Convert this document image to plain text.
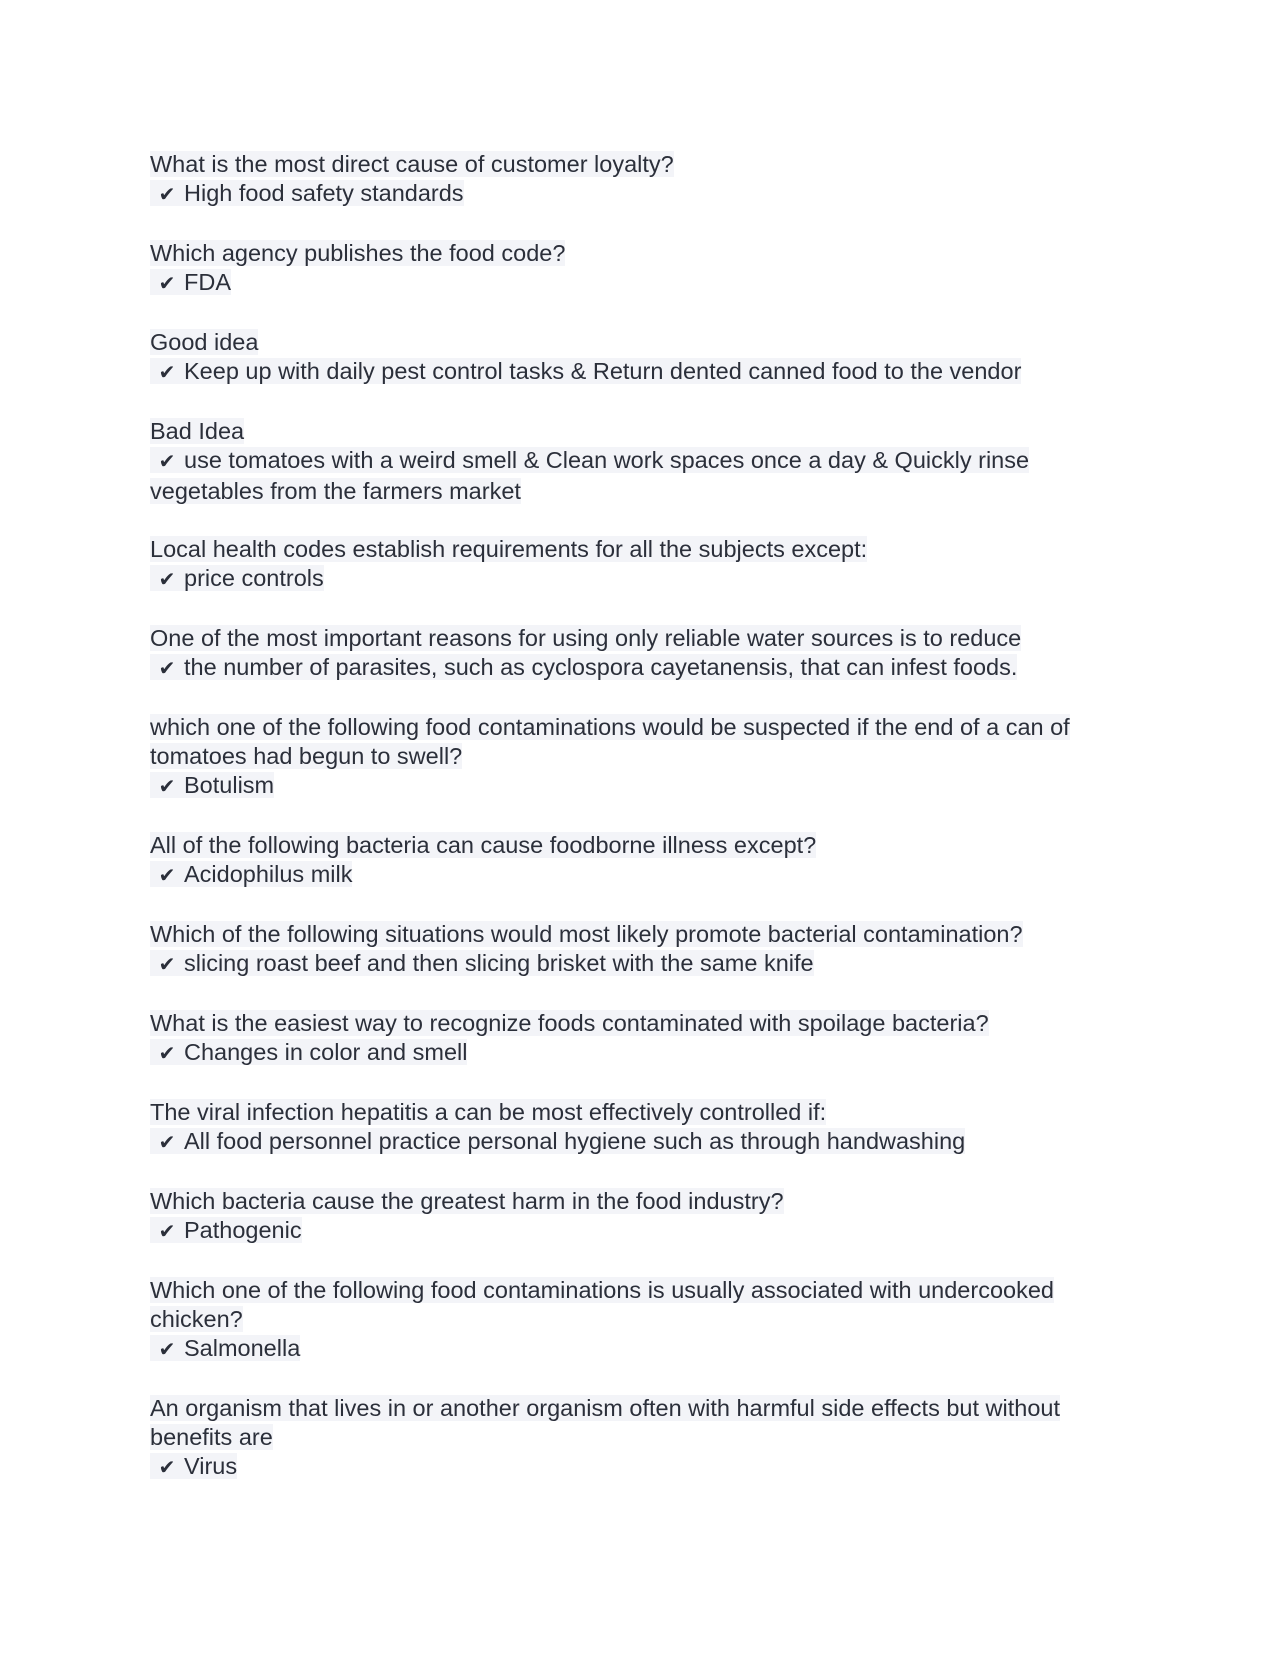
What is the most direct cause of customer loyalty?
✔ High food safety standards
Which agency publishes the food code?
✔ FDA
Good idea
✔ Keep up with daily pest control tasks & Return dented canned food to the vendor
Bad Idea
✔ use tomatoes with a weird smell & Clean work spaces once a day & Quickly rinse vegetables from the farmers market
Local health codes establish requirements for all the subjects except:
✔ price controls
One of the most important reasons for using only reliable water sources is to reduce
✔ the number of parasites, such as cyclospora cayetanensis, that can infest foods.
which one of the following food contaminations would be suspected if the end of a can of tomatoes had begun to swell?
✔ Botulism
All of the following bacteria can cause foodborne illness except?
✔ Acidophilus milk
Which of the following situations would most likely promote bacterial contamination?
✔ slicing roast beef and then slicing brisket with the same knife
What is the easiest way to recognize foods contaminated with spoilage bacteria?
✔ Changes in color and smell
The viral infection hepatitis a can be most effectively controlled if:
✔ All food personnel practice personal hygiene such as through handwashing
Which bacteria cause the greatest harm in the food industry?
✔ Pathogenic
Which one of the following food contaminations is usually associated with undercooked chicken?
✔ Salmonella
An organism that lives in or another organism often with harmful side effects but without benefits are
✔ Virus
